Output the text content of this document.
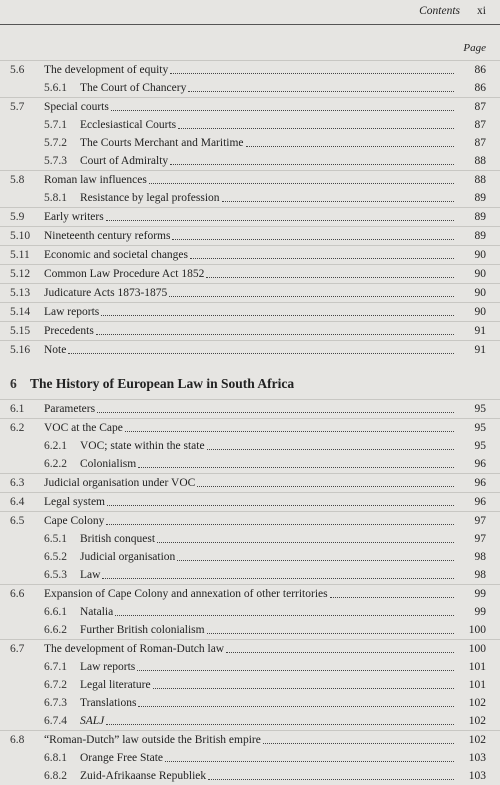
Contents xi
Page
5.6 The development of equity	86
5.6.1 The Court of Chancery	86
5.7 Special courts	87
5.7.1 Ecclesiastical Courts	87
5.7.2 The Courts Merchant and Maritime	87
5.7.3 Court of Admiralty	88
5.8 Roman law influences	88
5.8.1 Resistance by legal profession	89
5.9 Early writers	89
5.10 Nineteenth century reforms	89
5.11 Economic and societal changes	90
5.12 Common Law Procedure Act 1852	90
5.13 Judicature Acts 1873-1875	90
5.14 Law reports	90
5.15 Precedents	91
5.16 Note	91
6 The History of European Law in South Africa
6.1 Parameters	95
6.2 VOC at the Cape	95
6.2.1 VOC; state within the state	95
6.2.2 Colonialism	96
6.3 Judicial organisation under VOC	96
6.4 Legal system	96
6.5 Cape Colony	97
6.5.1 British conquest	97
6.5.2 Judicial organisation	98
6.5.3 Law	98
6.6 Expansion of Cape Colony and annexation of other territories	99
6.6.1 Natalia	99
6.6.2 Further British colonialism	100
6.7 The development of Roman-Dutch law	100
6.7.1 Law reports	101
6.7.2 Legal literature	101
6.7.3 Translations	102
6.7.4 SALJ	102
6.8 “Roman-Dutch” law outside the British empire	102
6.8.1 Orange Free State	103
6.8.2 Zuid-Afrikaanse Republiek	103
